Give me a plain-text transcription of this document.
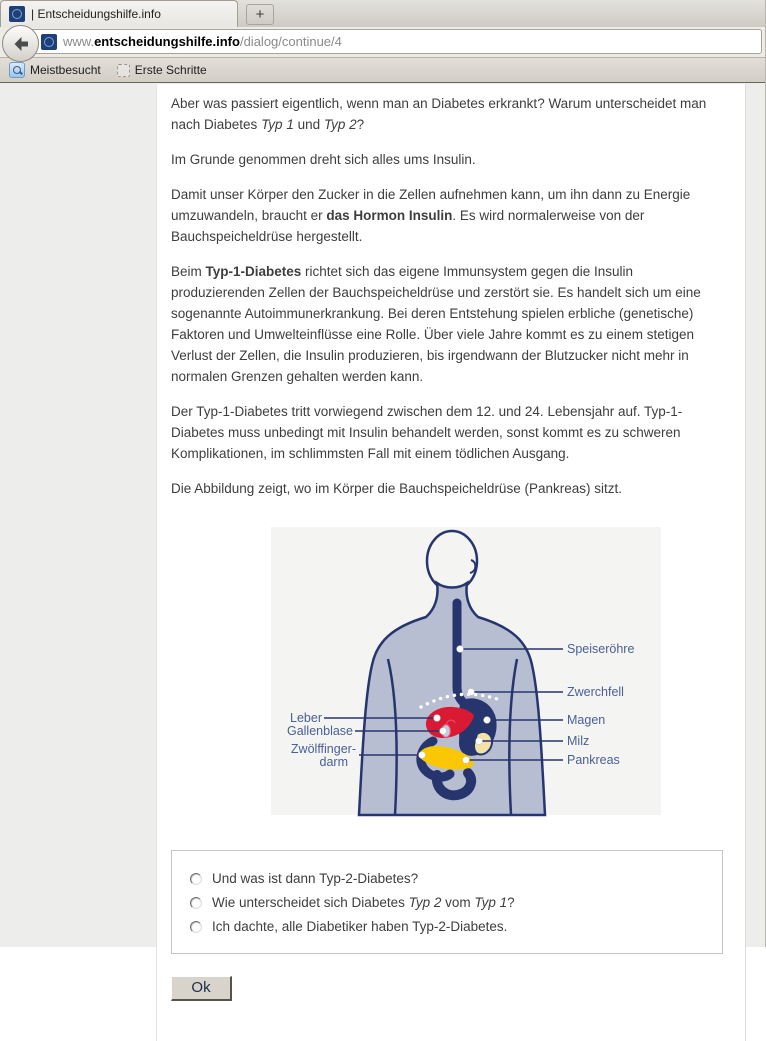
| Entscheidungshilfe.info	+
www.entscheidungshilfe.info/dialog/continue/4
Meistbesucht	Erste Schritte

Aber was passiert eigentlich, wenn man an Diabetes erkrankt? Warum unterscheidet man nach Diabetes Typ 1 und Typ 2?

Im Grunde genommen dreht sich alles ums Insulin.

Damit unser Körper den Zucker in die Zellen aufnehmen kann, um ihn dann zu Energie umzuwandeln, braucht er das Hormon Insulin. Es wird normalerweise von der Bauchspeicheldrüse hergestellt.

Beim Typ-1-Diabetes richtet sich das eigene Immunsystem gegen die Insulin produzierenden Zellen der Bauchspeicheldrüse und zerstört sie. Es handelt sich um eine sogenannte Autoimmunerkrankung. Bei deren Entstehung spielen erbliche (genetische) Faktoren und Umwelteinflüsse eine Rolle. Über viele Jahre kommt es zu einem stetigen Verlust der Zellen, die Insulin produzieren, bis irgendwann der Blutzucker nicht mehr in normalen Grenzen gehalten werden kann.

Der Typ-1-Diabetes tritt vorwiegend zwischen dem 12. und 24. Lebensjahr auf. Typ-1-Diabetes muss unbedingt mit Insulin behandelt werden, sonst kommt es zu schweren Komplikationen, im schlimmsten Fall mit einem tödlichen Ausgang.

Die Abbildung zeigt, wo im Körper die Bauchspeicheldrüse (Pankreas) sitzt.

Speiseröhre
Zwerchfell
Magen
Milz
Pankreas
Leber
Gallenblase
Zwölffinger-
darm
Und was ist dann Typ-2-Diabetes?
Wie unterscheidet sich Diabetes Typ 2 vom Typ 1?
Ich dachte, alle Diabetiker haben Typ-2-Diabetes.
Ok
